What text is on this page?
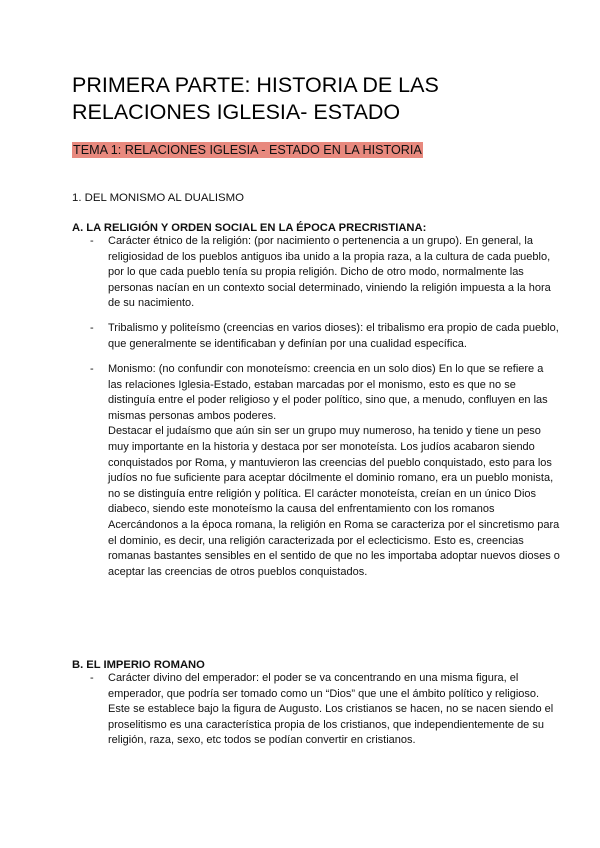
PRIMERA PARTE: HISTORIA DE LAS RELACIONES IGLESIA- ESTADO
TEMA 1: RELACIONES IGLESIA - ESTADO EN LA HISTORIA
1. DEL MONISMO AL DUALISMO
A. LA RELIGIÓN Y ORDEN SOCIAL EN LA ÉPOCA PRECRISTIANA:
- Carácter étnico de la religión: (por nacimiento o pertenencia a un grupo). En general, la religiosidad de los pueblos antiguos iba unido a la propia raza, a la cultura de cada pueblo, por lo que cada pueblo tenía su propia religión. Dicho de otro modo, normalmente las personas nacían en un contexto social determinado, viniendo la religión impuesta a la hora de su nacimiento.
- Tribalismo y politeísmo (creencias en varios dioses): el tribalismo era propio de cada pueblo, que generalmente se identificaban y definían por una cualidad específica.
- Monismo: (no confundir con monoteísmo: creencia en un solo dios) En lo que se refiere a las relaciones Iglesia-Estado, estaban marcadas por el monismo, esto es que no se distinguía entre el poder religioso y el poder político, sino que, a menudo, confluyen en las mismas personas ambos poderes.
Destacar el judaísmo que aún sin ser un grupo muy numeroso, ha tenido y tiene un peso muy importante en la historia y destaca por ser monoteísta. Los judíos acabaron siendo conquistados por Roma, y mantuvieron las creencias del pueblo conquistado, esto para los judíos no fue suficiente para aceptar dócilmente el dominio romano, era un pueblo monista, no se distinguía entre religión y política. El carácter monoteísta, creían en un único Dios diabeco, siendo este monoteísmo la causa del enfrentamiento con los romanos
Acercándonos a la época romana, la religión en Roma se caracteriza por el sincretismo para el dominio, es decir, una religión caracterizada por el eclecticismo. Esto es, creencias romanas bastantes sensibles en el sentido de que no les importaba adoptar nuevos dioses o aceptar las creencias de otros pueblos conquistados.
B. EL IMPERIO ROMANO
- Carácter divino del emperador: el poder se va concentrando en una misma figura, el emperador, que podría ser tomado como un “Dios” que une el ámbito político y religioso. Este se establece bajo la figura de Augusto. Los cristianos se hacen, no se nacen siendo el proselitismo es una característica propia de los cristianos, que independientemente de su religión, raza, sexo, etc todos se podían convertir en cristianos.
